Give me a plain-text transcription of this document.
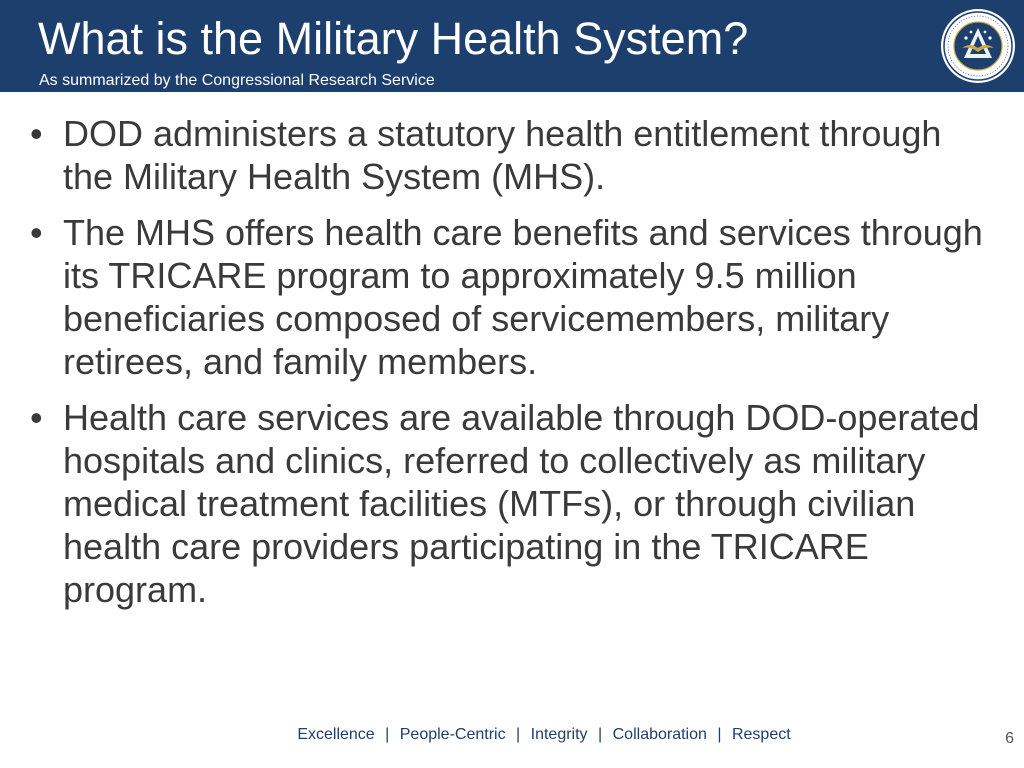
What is the Military Health System?
As summarized by the Congressional Research Service
• DOD administers a statutory health entitlement through the Military Health System (MHS).
• The MHS offers health care benefits and services through its TRICARE program to approximately 9.5 million beneficiaries composed of servicemembers, military retirees, and family members.
• Health care services are available through DOD-operated hospitals and clinics, referred to collectively as military medical treatment facilities (MTFs), or through civilian health care providers participating in the TRICARE program.
Excellence | People-Centric | Integrity | Collaboration | Respect	6
